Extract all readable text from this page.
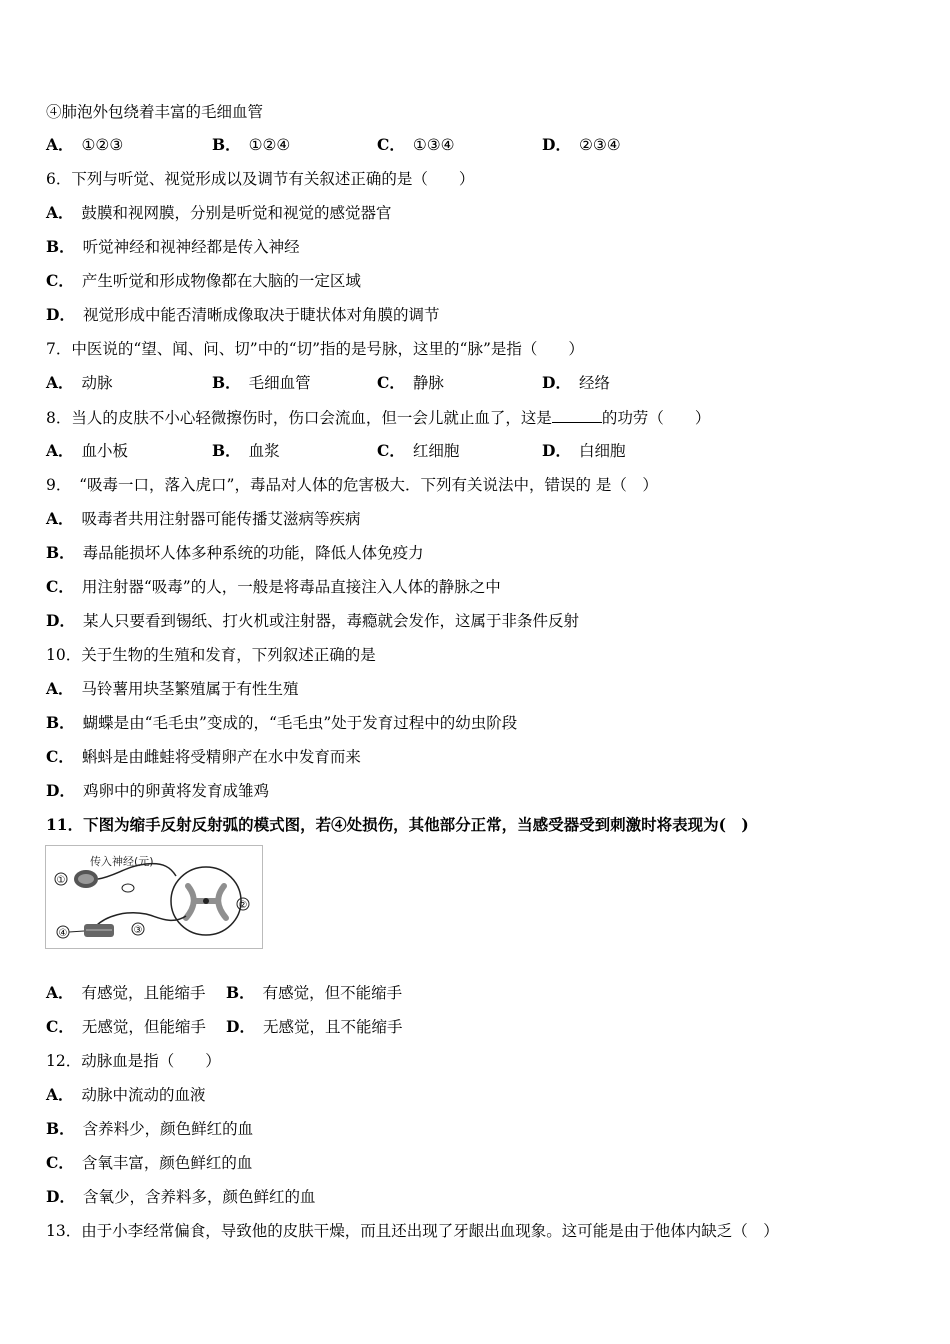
④肺泡外包绕着丰富的毛细血管
A． ①②③	B． ①②④	C． ①③④	D． ②③④
6．下列与听觉、视觉形成以及调节有关叙述正确的是（　　）
A． 鼓膜和视网膜，分别是听觉和视觉的感觉器官
B． 听觉神经和视神经都是传入神经
C． 产生听觉和形成物像都在大脑的一定区域
D． 视觉形成中能否清晰成像取决于睫状体对角膜的调节
7．中医说的“望、闻、问、切”中的“切”指的是号脉，这里的“脉”是指（　　）
A． 动脉	B． 毛细血管	C． 静脉	D． 经络
8．当人的皮肤不小心轻微擦伤时，伤口会流血，但一会儿就止血了，这是	的功劳（　　）
A． 血小板	B． 血浆	C． 红细胞	D． 白细胞
9．　“吸毒一口，落入虎口”，毒品对人体的危害极大．下列有关说法中，错误的 是（　）
A． 吸毒者共用注射器可能传播艾滋病等疾病
B． 毒品能损坏人体多种系统的功能，降低人体免疫力
C． 用注射器“吸毒”的人，一般是将毒品直接注入人体的静脉之中
D． 某人只要看到锡纸、打火机或注射器，毒瘾就会发作，这属于非条件反射
10．关于生物的生殖和发育，下列叙述正确的是
A． 马铃薯用块茎繁殖属于有性生殖
B． 蝴蝶是由“毛毛虫”变成的，“毛毛虫”处于发育过程中的幼虫阶段
C． 蝌蚪是由雌蛙将受精卵产在水中发育而来
D． 鸡卵中的卵黄将发育成雏鸡
11．下图为缩手反射反射弧的模式图，若④处损伤，其他部分正常，当感受器受到刺激时将表现为(　)
传入神经(元)
①
②
③
④
A． 有感觉，且能缩手 B． 有感觉，但不能缩手
C． 无感觉，但能缩手 D． 无感觉，且不能缩手
12．动脉血是指（　　）
A． 动脉中流动的血液
B． 含养料少，颜色鲜红的血
C． 含氧丰富，颜色鲜红的血
D． 含氧少，含养料多，颜色鲜红的血
13．由于小李经常偏食，导致他的皮肤干燥，而且还出现了牙龈出血现象。这可能是由于他体内缺乏（　）
